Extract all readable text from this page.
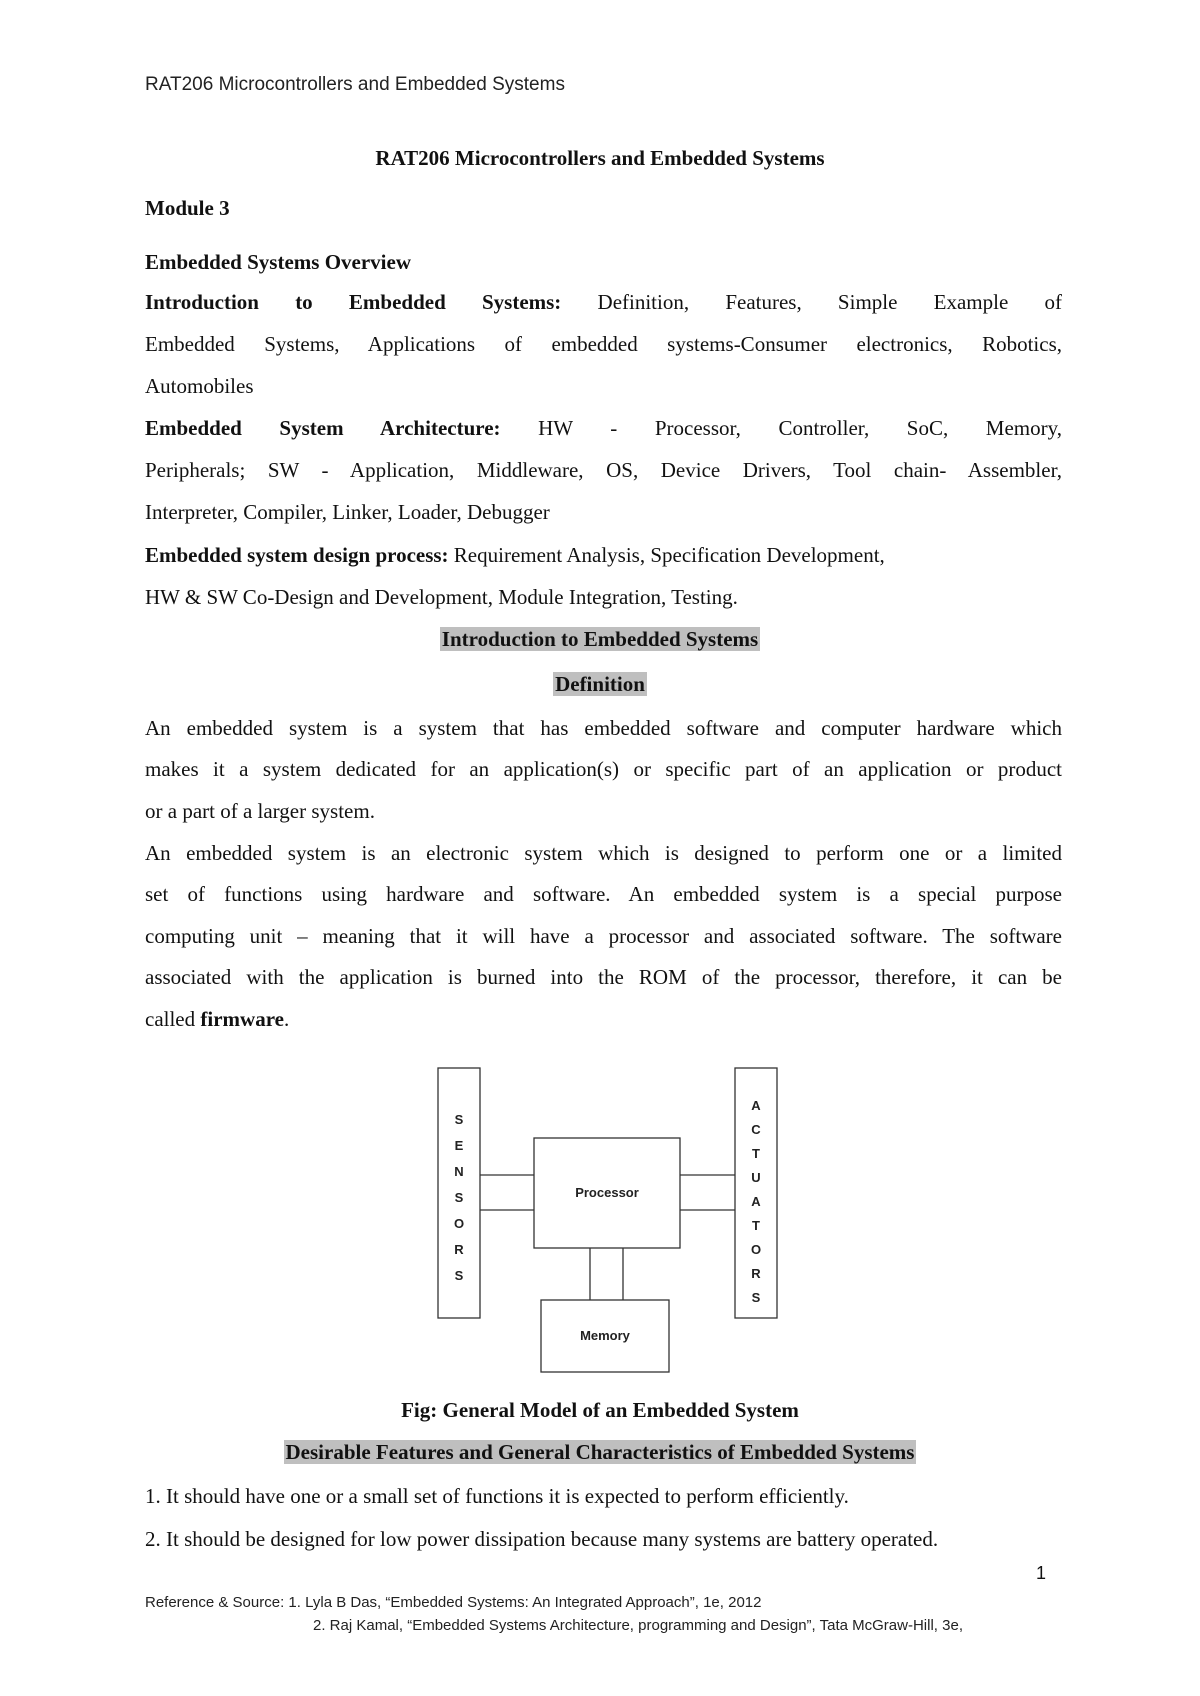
RAT206 Microcontrollers and Embedded Systems
RAT206 Microcontrollers and Embedded Systems
Module 3
Embedded Systems Overview
Introduction to Embedded Systems: Definition, Features, Simple Example of
Embedded Systems, Applications of embedded systems-Consumer electronics, Robotics,
Automobiles
Embedded System Architecture: HW - Processor, Controller, SoC, Memory,
Peripherals; SW - Application, Middleware, OS, Device Drivers, Tool chain- Assembler,
Interpreter, Compiler, Linker, Loader, Debugger
Embedded system design process: Requirement Analysis, Specification Development,
HW & SW Co-Design and Development, Module Integration, Testing.
Introduction to Embedded Systems
Definition
An embedded system is a system that has embedded software and computer hardware which
makes it a system dedicated for an application(s) or specific part of an application or product
or a part of a larger system.
An embedded system is an electronic system which is designed to perform one or a limited
set of functions using hardware and software. An embedded system is a special purpose
computing unit – meaning that it will have a processor and associated software. The software
associated with the application is burned into the ROM of the processor, therefore, it can be
called firmware.
S
E
N
S
O
R
S
A
C
T
U
A
T
O
R
S
Processor
Memory
Fig: General Model of an Embedded System
Desirable Features and General Characteristics of Embedded Systems
1. It should have one or a small set of functions it is expected to perform efficiently.
2. It should be designed for low power dissipation because many systems are battery operated.
1
Reference & Source: 1. Lyla B Das, “Embedded Systems: An Integrated Approach”, 1e, 2012
2. Raj Kamal, “Embedded Systems Architecture, programming and Design”, Tata McGraw-Hill, 3e,
